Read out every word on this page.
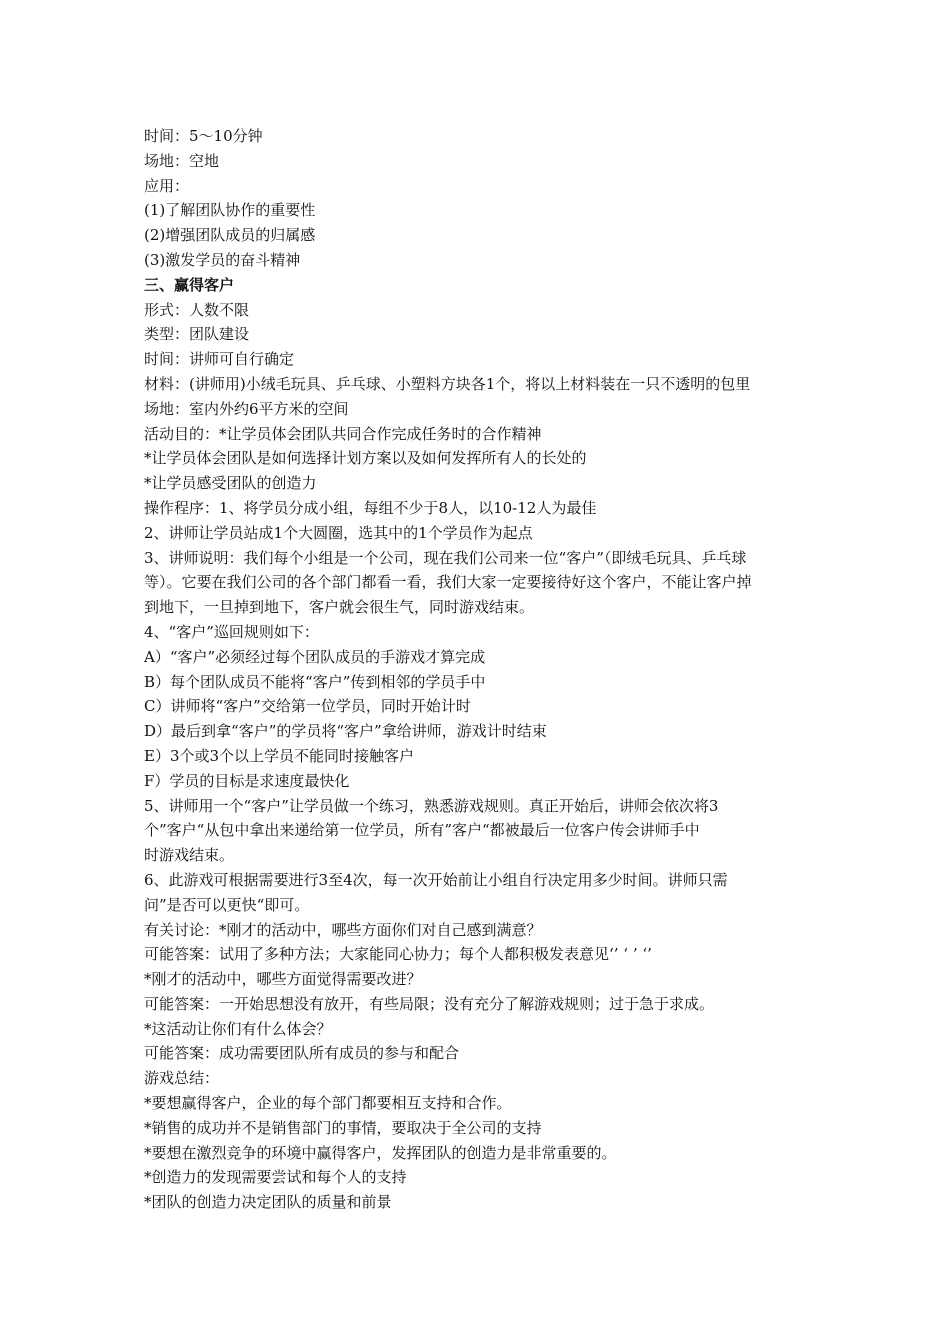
时间：5～10分钟
场地：空地
应用：
(1)了解团队协作的重要性
(2)增强团队成员的归属感
(3)激发学员的奋斗精神
三、赢得客户
形式：人数不限
类型：团队建设
时间：讲师可自行确定
材料：(讲师用)小绒毛玩具、乒乓球、小塑料方块各1个，将以上材料装在一只不透明的包里
场地：室内外约6平方米的空间
活动目的：*让学员体会团队共同合作完成任务时的合作精神
*让学员体会团队是如何选择计划方案以及如何发挥所有人的长处的
*让学员感受团队的创造力
操作程序：1、将学员分成小组，每组不少于8人，以10-12人为最佳
2、讲师让学员站成1个大圆圈，选其中的1个学员作为起点
3、讲师说明：我们每个小组是一个公司，现在我们公司来一位“客户”（即绒毛玩具、乒乓球
等）。它要在我们公司的各个部门都看一看，我们大家一定要接待好这个客户，不能让客户掉
到地下，一旦掉到地下，客户就会很生气，同时游戏结束。
4、“客户”巡回规则如下：
A）“客户”必须经过每个团队成员的手游戏才算完成
B）每个团队成员不能将“客户”传到相邻的学员手中
C）讲师将“客户”交给第一位学员，同时开始计时
D）最后到拿“客户”的学员将“客户”拿给讲师，游戏计时结束
E）3个或3个以上学员不能同时接触客户
F）学员的目标是求速度最快化
5、讲师用一个“客户”让学员做一个练习，熟悉游戏规则。真正开始后，讲师会依次将3
个”客户“从包中拿出来递给第一位学员，所有”客户“都被最后一位客户传会讲师手中
时游戏结束。
6、此游戏可根据需要进行3至4次，每一次开始前让小组自行决定用多少时间。讲师只需
问”是否可以更快“即可。
有关讨论：*刚才的活动中，哪些方面你们对自己感到满意？
可能答案：试用了多种方法；大家能同心协力；每个人都积极发表意见‘’ ‘ ’ ‘’
*刚才的活动中，哪些方面觉得需要改进？
可能答案：一开始思想没有放开，有些局限；没有充分了解游戏规则；过于急于求成。
*这活动让你们有什么体会？
可能答案：成功需要团队所有成员的参与和配合
游戏总结：
*要想赢得客户，企业的每个部门都要相互支持和合作。
*销售的成功并不是销售部门的事情，要取决于全公司的支持
*要想在激烈竞争的环境中赢得客户，发挥团队的创造力是非常重要的。
*创造力的发现需要尝试和每个人的支持
*团队的创造力决定团队的质量和前景
